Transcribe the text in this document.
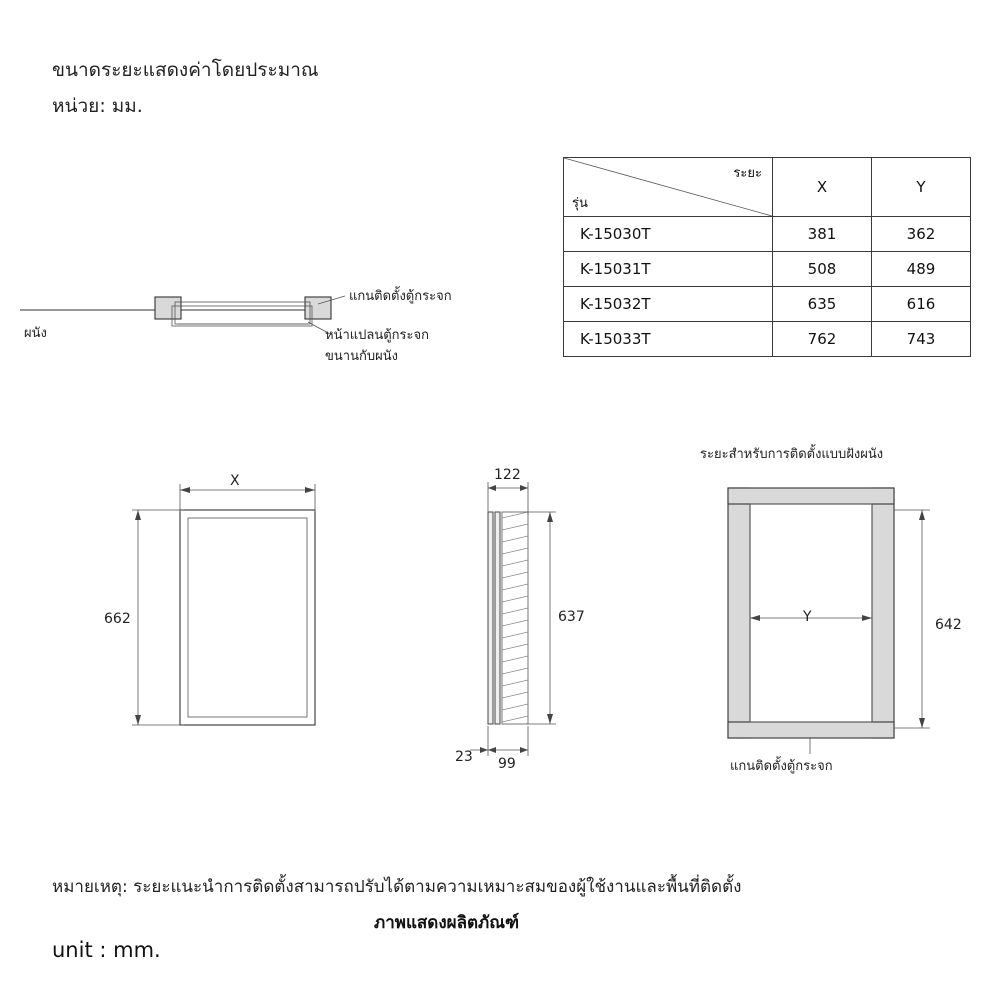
ขนาดระยะแสดงค่าโดยประมาณ
หน่วย: มม.
รุ่น
ระยะ	X	Y
K-15030T	381	362
K-15031T	508	489
K-15032T	635	616
K-15033T	762	743
ผนัง
แกนติดตั้งตู้กระจก
หน้าแปลนตู้กระจก
ขนานกับผนัง
X
662
122
637
23 99
ระยะสำหรับการติดตั้งแบบฝังผนัง
Y	642
แกนติดตั้งตู้กระจก
หมายเหตุ: ระยะแนะนำการติดตั้งสามารถปรับได้ตามความเหมาะสมของผู้ใช้งานและพื้นที่ติดตั้ง
ภาพแสดงผลิตภัณฑ์
unit : mm.
